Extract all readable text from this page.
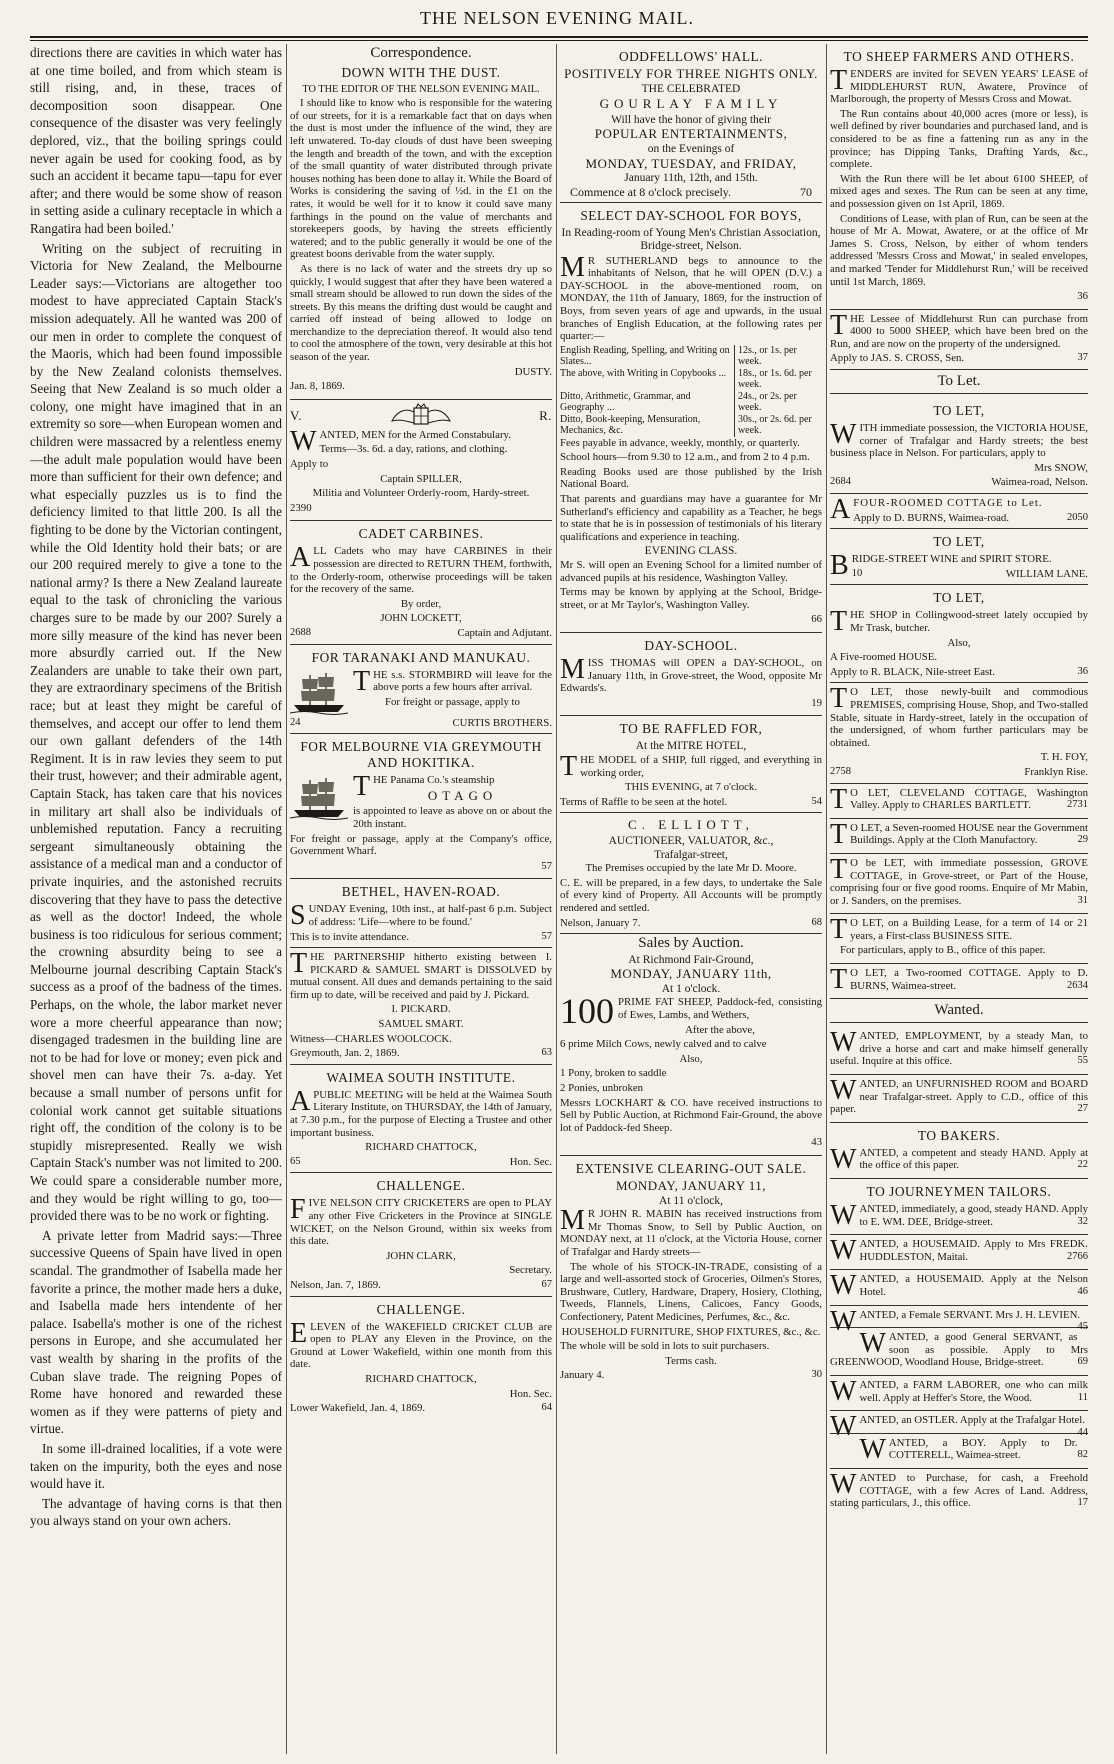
THE NELSON EVENING MAIL.

directions there are cavities in which water has at one time boiled, and from which steam is still rising, and, in these, traces of decomposition soon disappear. One consequence of the disaster was very feelingly deplored, viz., that the boiling springs could never again be used for cooking food, as by such an accident it became tapu—tapu for ever after; and there would be some show of reason in setting aside a culinary receptacle in which a Rangatira had been boiled.'

Writing on the subject of recruiting in Victoria for New Zealand, the Melbourne Leader says:—Victorians are altogether too modest to have appreciated Captain Stack's mission adequately. All he wanted was 200 of our men in order to complete the conquest of the Maoris, which had been found impossible by the New Zealand colonists themselves. Seeing that New Zealand is so much older a colony, one might have imagined that in an extremity so sore—when European women and children were massacred by a relentless enemy—the adult male population would have been more than sufficient for their own defence; and what especially puzzles us is to find the deficiency limited to that little 200. Is all the fighting to be done by the Victorian contingent, while the Old Identity hold their bats; or are our 200 required merely to give a tone to the national army? Is there a New Zealand laureate equal to the task of chronicling the various charges sure to be made by our 200? Surely a more silly measure of the kind has never been more absurdly carried out. If the New Zealanders are unable to take their own part, they are extraordinary specimens of the British race; but at least they might be careful of themselves, and accept our offer to lend them our own gallant defenders of the 14th Regiment. It is in raw levies they seem to put their trust, however; and their admirable agent, Captain Stack, has taken care that his novices in military art shall also be individuals of unblemished reputation. Fancy a recruiting sergeant simultaneously obtaining the assistance of a medical man and a conductor of private inquiries, and the astonished recruits discovering that they have to pass the detective as well as the doctor! Indeed, the whole business is too ridiculous for serious comment; the crowning absurdity being to see a Melbourne journal describing Captain Stack's success as a proof of the badness of the times. Perhaps, on the whole, the labor market never wore a more cheerful appearance than now; disengaged tradesmen in the building line are not to be had for love or money; even pick and shovel men can have their 7s. a-day. Yet because a small number of persons unfit for colonial work cannot get suitable situations right off, the condition of the colony is to be stupidly misrepresented. Really we wish Captain Stack's number was not limited to 200. We could spare a considerable number more, and they would be right willing to go, too—provided there was to be no work or fighting.

A private letter from Madrid says:—Three successive Queens of Spain have lived in open scandal. The grandmother of Isabella made her favorite a prince, the mother made hers a duke, and Isabella made hers intendente of her palace. Isabella's mother is one of the richest persons in Europe, and she accumulated her vast wealth by sharing in the profits of the Cuban slave trade. The reigning Popes of Rome have honored and rewarded these women as if they were patterns of piety and virtue.

In some ill-drained localities, if a vote were taken on the impurity, both the eyes and nose would have it.

The advantage of having corns is that then you always stand on your own achers.

Correspondence.
DOWN WITH THE DUST.
TO THE EDITOR OF THE NELSON EVENING MAIL.

I should like to know who is responsible for the watering of our streets, for it is a remarkable fact that on days when the dust is most under the influence of the wind, they are left unwatered. To-day clouds of dust have been sweeping the length and breadth of the town, and with the exception of the small quantity of water distributed through private houses nothing has been done to allay it. While the Board of Works is considering the saving of ½d. in the £1 on the rates, it would be well for it to know it could save many farthings in the pound on the value of merchants and storekeepers goods, by having the streets efficiently watered; and to the public generally it would be one of the greatest boons derivable from the water supply.

As there is no lack of water and the streets dry up so quickly, I would suggest that after they have been watered a small stream should be allowed to run down the sides of the streets. By this means the drifting dust would be caught and carried off instead of being allowed to lodge on merchandize to the depreciation thereof. It would also tend to cool the atmosphere of the town, very desirable at this hot season of the year.

DUSTY.

Jan. 8, 1869.

V.	R.

WANTED, MEN for the Armed Constabulary.

Terms—3s. 6d. a day, rations, and clothing.

Apply to

Captain SPILLER,

Militia and Volunteer Orderly-room, Hardy-street.

2390

CADET CARBINES.

ALL Cadets who may have CARBINES in their possession are directed to RETURN THEM, forthwith, to the Orderly-room, otherwise proceedings will be taken for the recovery of the same.

By order,

JOHN LOCKETT,

2688	Captain and Adjutant.
FOR TARANAKI AND MANUKAU.

THE s.s. STORMBIRD will leave for the above ports a few hours after arrival.

For freight or passage, apply to

24	CURTIS BROTHERS.
FOR MELBOURNE VIA GREYMOUTH AND HOKITIKA.

THE Panama Co.'s steamship

OTAGO

is appointed to leave as above on or about the 20th instant.

For freight or passage, apply at the Company's office, Government Wharf.

57

BETHEL, HAVEN-ROAD.

SUNDAY Evening, 10th inst., at half-past 6 p.m. Subject of address: 'Life—where to be found.'

This is to invite attendance.	57

THE PARTNERSHIP hitherto existing between I. PICKARD & SAMUEL SMART is DISSOLVED by mutual consent. All dues and demands pertaining to the said firm up to date, will be received and paid by J. Pickard.

I. PICKARD.

SAMUEL SMART.

Witness—CHARLES WOOLCOCK.

Greymouth, Jan. 2, 1869.	63
WAIMEA SOUTH INSTITUTE.

APUBLIC MEETING will be held at the Waimea South Literary Institute, on THURSDAY, the 14th of January, at 7.30 p.m., for the purpose of Electing a Trustee and other important business.

RICHARD CHATTOCK,

65	Hon. Sec.
CHALLENGE.

FIVE NELSON CITY CRICKETERS are open to PLAY any other Five Cricketers in the Province at SINGLE WICKET, on the Nelson Ground, within six weeks from this date.

JOHN CLARK,

Secretary.

Nelson, Jan. 7, 1869.	67
CHALLENGE.

ELEVEN of the WAKEFIELD CRICKET CLUB are open to PLAY any Eleven in the Province, on the Ground at Lower Wakefield, within one month from this date.

RICHARD CHATTOCK,

Hon. Sec.

Lower Wakefield, Jan. 4, 1869.	64
ODDFELLOWS' HALL.
POSITIVELY FOR THREE NIGHTS ONLY.
THE CELEBRATED
GOURLAY FAMILY
Will have the honor of giving their
POPULAR ENTERTAINMENTS,
on the Evenings of
MONDAY, TUESDAY, and FRIDAY,
January 11th, 12th, and 15th.
Commence at 8 o'clock precisely.	70
SELECT DAY-SCHOOL FOR BOYS,

In Reading-room of Young Men's Christian Association, Bridge-street, Nelson.

M R SUTHERLAND begs to announce to the inhabitants of Nelson, that he will OPEN (D.V.) a DAY-SCHOOL in the above-mentioned room, on MONDAY, the 11th of January, 1869, for the instruction of Boys, from seven years of age and upwards, in the usual branches of English Education, at the following rates per quarter:—

English Reading, Spelling, and Writing on Slates...	12s., or 1s. per week.
The above, with Writing in Copybooks ...	18s., or 1s. 6d. per week.
Ditto, Arithmetic, Grammar, and Geography ...	24s., or 2s. per week.
Ditto, Book-keeping, Mensuration, Mechanics, &c.	30s., or 2s. 6d. per week.

Fees payable in advance, weekly, monthly, or quarterly.

School hours—from 9.30 to 12 a.m., and from 2 to 4 p.m.

Reading Books used are those published by the Irish National Board.

That parents and guardians may have a guarantee for Mr Sutherland's efficiency and capability as a Teacher, he begs to state that he is in possession of testimonials of his literary qualifications and experience in teaching.

EVENING CLASS.

Mr S. will open an Evening School for a limited number of advanced pupils at his residence, Washington Valley.

Terms may be known by applying at the School, Bridge-street, or at Mr Taylor's, Washington Valley.

66

DAY-SCHOOL.

MISS THOMAS will OPEN a DAY-SCHOOL, on January 11th, in Grove-street, the Wood, opposite Mr Edwards's.

19

TO BE RAFFLED FOR,
At the MITRE HOTEL,

THE MODEL of a SHIP, full rigged, and everything in working order,

THIS EVENING, at 7 o'clock.

Terms of Raffle to be seen at the hotel.	54
C. ELLIOTT,
AUCTIONEER, VALUATOR, &c.,
Trafalgar-street,

The Premises occupied by the late Mr D. Moore.

C. E. will be prepared, in a few days, to undertake the Sale of every kind of Property. All Accounts will be promptly rendered and settled.

Nelson, January 7.	68
Sales by Auction.
At Richmond Fair-Ground,
MONDAY, JANUARY 11th,
At 1 o'clock.

100 PRIME FAT SHEEP, Paddock-fed, consisting of Ewes, Lambs, and Wethers,

After the above,

6 prime Milch Cows, newly calved and to calve

Also,

1 Pony, broken to saddle

2 Ponies, unbroken

Messrs LOCKHART & CO. have received instructions to Sell by Public Auction, at Richmond Fair-Ground, the above lot of Paddock-fed Sheep.

43

EXTENSIVE CLEARING-OUT SALE.
MONDAY, JANUARY 11,
At 11 o'clock,

M R JOHN R. MABIN has received instructions from Mr Thomas Snow, to Sell by Public Auction, on MONDAY next, at 11 o'clock, at the Victoria House, corner of Trafalgar and Hardy streets—

The whole of his STOCK-IN-TRADE, consisting of a large and well-assorted stock of Groceries, Oilmen's Stores, Brushware, Cutlery, Hardware, Drapery, Hosiery, Clothing, Tweeds, Flannels, Linens, Calicoes, Fancy Goods, Confectionery, Patent Medicines, Perfumes, &c., &c.

HOUSEHOLD FURNITURE, SHOP FIXTURES, &c., &c.

The whole will be sold in lots to suit purchasers.

Terms cash.

January 4.	30
TO SHEEP FARMERS AND OTHERS.

TENDERS are invited for SEVEN YEARS' LEASE of MIDDLEHURST RUN, Awatere, Province of Marlborough, the property of Messrs Cross and Mowat.

The Run contains about 40,000 acres (more or less), is well defined by river boundaries and purchased land, and is considered to be as fine a fattening run as any in the province; has Dipping Tanks, Drafting Yards, &c., complete.

With the Run there will be let about 6100 SHEEP, of mixed ages and sexes. The Run can be seen at any time, and possession given on 1st April, 1869.

Conditions of Lease, with plan of Run, can be seen at the house of Mr A. Mowat, Awatere, or at the office of Mr James S. Cross, Nelson, by either of whom tenders addressed 'Messrs Cross and Mowat,' in sealed envelopes, and marked 'Tender for Middlehurst Run,' will be received until 1st March, 1869.

36

THE Lessee of Middlehurst Run can purchase from 4000 to 5000 SHEEP, which have been bred on the Run, and are now on the property of the undersigned.

Apply to JAS. S. CROSS, Sen.	37
To Let.
TO LET,

WITH immediate possession, the VICTORIA HOUSE, corner of Trafalgar and Hardy streets; the best business place in Nelson. For particulars, apply to

Mrs SNOW,

2684	Waimea-road, Nelson.

AFOUR-ROOMED COTTAGE to Let.

Apply to D. BURNS, Waimea-road.	2050
TO LET,

BRIDGE-STREET WINE and SPIRIT STORE.

10	WILLIAM LANE.
TO LET,

THE SHOP in Collingwood-street lately occupied by Mr Trask, butcher.

Also,

A Five-roomed HOUSE.

Apply to R. BLACK, Nile-street East.	36

T O LET, those newly-built and commodious PREMISES, comprising House, Shop, and Two-stalled Stable, situate in Hardy-street, lately in the occupation of the undersigned, of whom further particulars may be obtained.

T. H. FOY,

2758	Franklyn Rise.

T O LET, CLEVELAND COTTAGE, Washington Valley. Apply to CHARLES BARTLETT.	2731

T O LET, a Seven-roomed HOUSE near the Government Buildings. Apply at the Cloth Manufactory.	29

T O be LET, with immediate possession, GROVE COTTAGE, in Grove-street, or Part of the House, comprising four or five good rooms. Enquire of Mr Mabin, or J. Sanders, on the premises.	31

T O LET, on a Building Lease, for a term of 14 or 21 years, a First-class BUSINESS SITE.

For particulars, apply to B., office of this paper.

T O LET, a Two-roomed COTTAGE. Apply to D. BURNS, Waimea-street.	2634

Wanted.

WANTED, EMPLOYMENT, by a steady Man, to drive a horse and cart and make himself generally useful. Inquire at this office.	55

WANTED, an UNFURNISHED ROOM and BOARD near Trafalgar-street. Apply to C.D., office of this paper.	27

TO BAKERS.

WANTED, a competent and steady HAND. Apply at the office of this paper.	22

TO JOURNEYMEN TAILORS.

WANTED, immediately, a good, steady HAND. Apply to E. WM. DEE, Bridge-street.	32

WANTED, a HOUSEMAID. Apply to Mrs FREDK. HUDDLESTON, Maitai.	2766

WANTED, a HOUSEMAID. Apply at the Nelson Hotel.	46

WANTED, a Female SERVANT. Mrs J. H. LEVIEN.
45

WANTED, a good General SERVANT, as soon as possible. Apply to Mrs GREENWOOD, Woodland House, Bridge-street.	69

WANTED, a FARM LABORER, one who can milk well. Apply at Heffer's Store, the Wood.	11

WANTED, an OSTLER. Apply at the Trafalgar Hotel.
44

WANTED, a BOY. Apply to Dr. COTTERELL, Waimea-street.	82

WANTED to Purchase, for cash, a Freehold COTTAGE, with a few Acres of Land. Address, stating particulars, J., this office.	17
